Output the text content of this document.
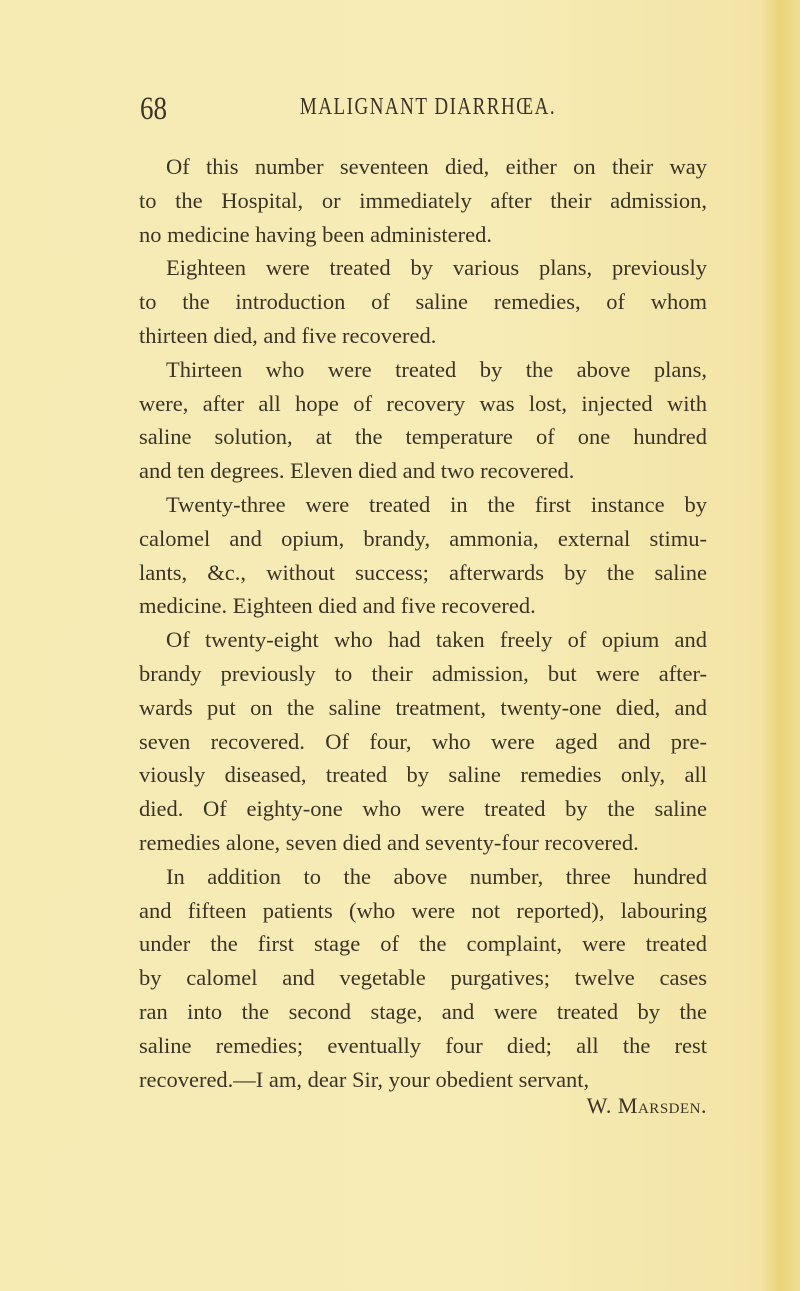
68	MALIGNANT DIARRHŒA.
Of this number seventeen died, either on their way
to the Hospital, or immediately after their admission,
no medicine having been administered.
Eighteen were treated by various plans, previously
to the introduction of saline remedies, of whom
thirteen died, and five recovered.
Thirteen who were treated by the above plans,
were, after all hope of recovery was lost, injected with
saline solution, at the temperature of one hundred
and ten degrees. Eleven died and two recovered.
Twenty-three were treated in the first instance by
calomel and opium, brandy, ammonia, external stimu-
lants, &c., without success; afterwards by the saline
medicine. Eighteen died and five recovered.
Of twenty-eight who had taken freely of opium and
brandy previously to their admission, but were after-
wards put on the saline treatment, twenty-one died, and
seven recovered. Of four, who were aged and pre-
viously diseased, treated by saline remedies only, all
died. Of eighty-one who were treated by the saline
remedies alone, seven died and seventy-four recovered.
In addition to the above number, three hundred
and fifteen patients (who were not reported), labouring
under the first stage of the complaint, were treated
by calomel and vegetable purgatives; twelve cases
ran into the second stage, and were treated by the
saline remedies; eventually four died; all the rest
recovered.—I am, dear Sir, your obedient servant,
W. Marsden.
